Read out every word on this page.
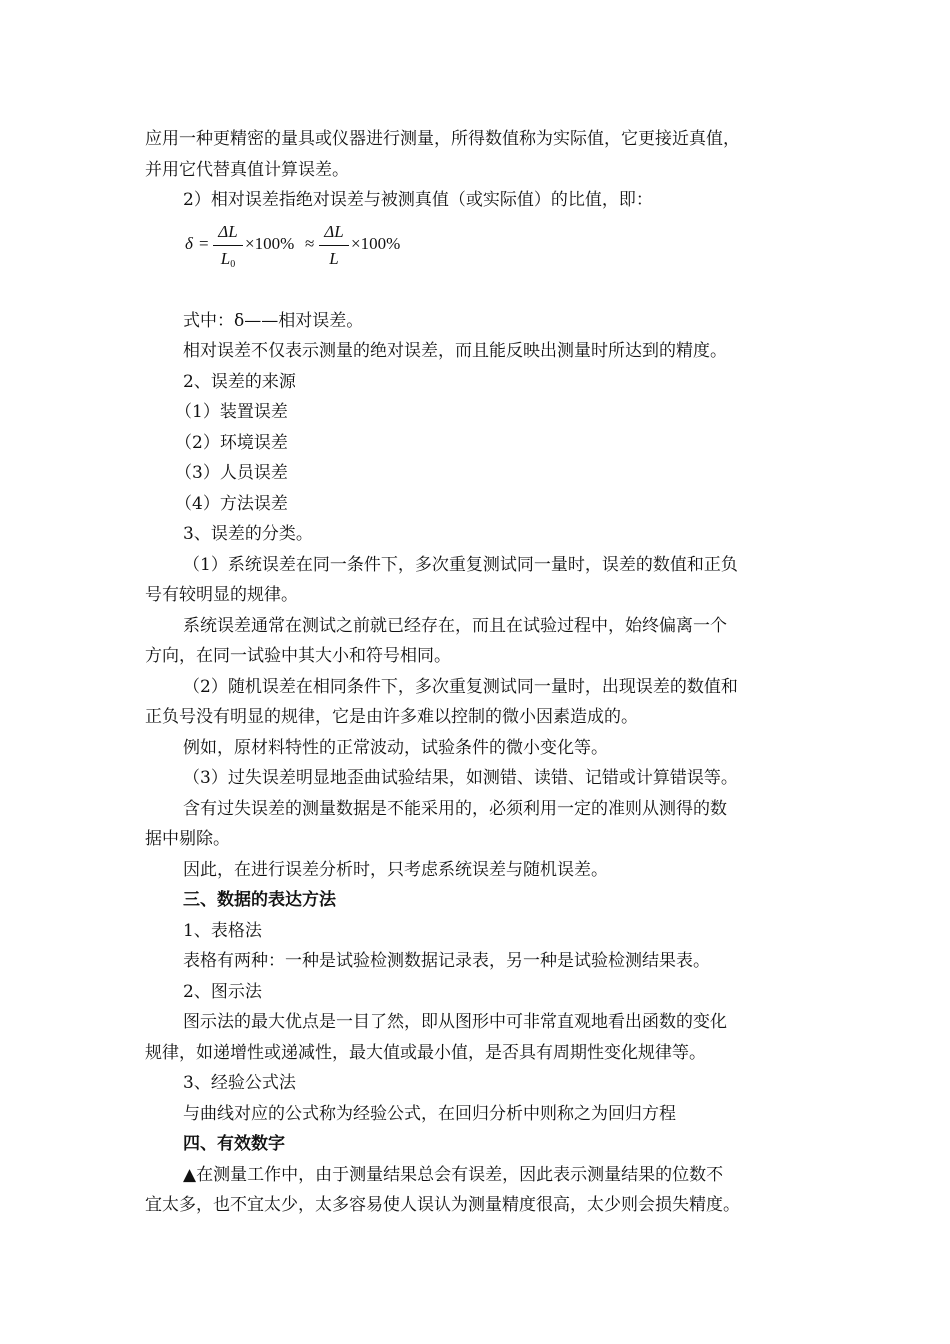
应用一种更精密的量具或仪器进行测量，所得数值称为实际值，它更接近真值，

并用它代替真值计算误差。

2）相对误差指绝对误差与被测真值（或实际值）的比值，即：

δ =
ΔL
$L_0$
×100% ≈
ΔL
L
×100%

式中：δ——相对误差。

相对误差不仅表示测量的绝对误差，而且能反映出测量时所达到的精度。

2、误差的来源

（1）装置误差

（2）环境误差

（3）人员误差

（4）方法误差

3、误差的分类。

（1）系统误差在同一条件下，多次重复测试同一量时，误差的数值和正负

号有较明显的规律。

系统误差通常在测试之前就已经存在，而且在试验过程中，始终偏离一个

方向，在同一试验中其大小和符号相同。

（2）随机误差在相同条件下，多次重复测试同一量时，出现误差的数值和

正负号没有明显的规律，它是由许多难以控制的微小因素造成的。

例如，原材料特性的正常波动，试验条件的微小变化等。

（3）过失误差明显地歪曲试验结果，如测错、读错、记错或计算错误等。

含有过失误差的测量数据是不能采用的，必须利用一定的准则从测得的数

据中剔除。

因此，在进行误差分析时，只考虑系统误差与随机误差。

三、数据的表达方法

1、表格法

表格有两种：一种是试验检测数据记录表，另一种是试验检测结果表。

2、图示法

图示法的最大优点是一目了然，即从图形中可非常直观地看出函数的变化

规律，如递增性或递减性，最大值或最小值，是否具有周期性变化规律等。

3、经验公式法

与曲线对应的公式称为经验公式，在回归分析中则称之为回归方程

四、有效数字

▲在测量工作中，由于测量结果总会有误差，因此表示测量结果的位数不

宜太多，也不宜太少，太多容易使人误认为测量精度很高，太少则会损失精度。
